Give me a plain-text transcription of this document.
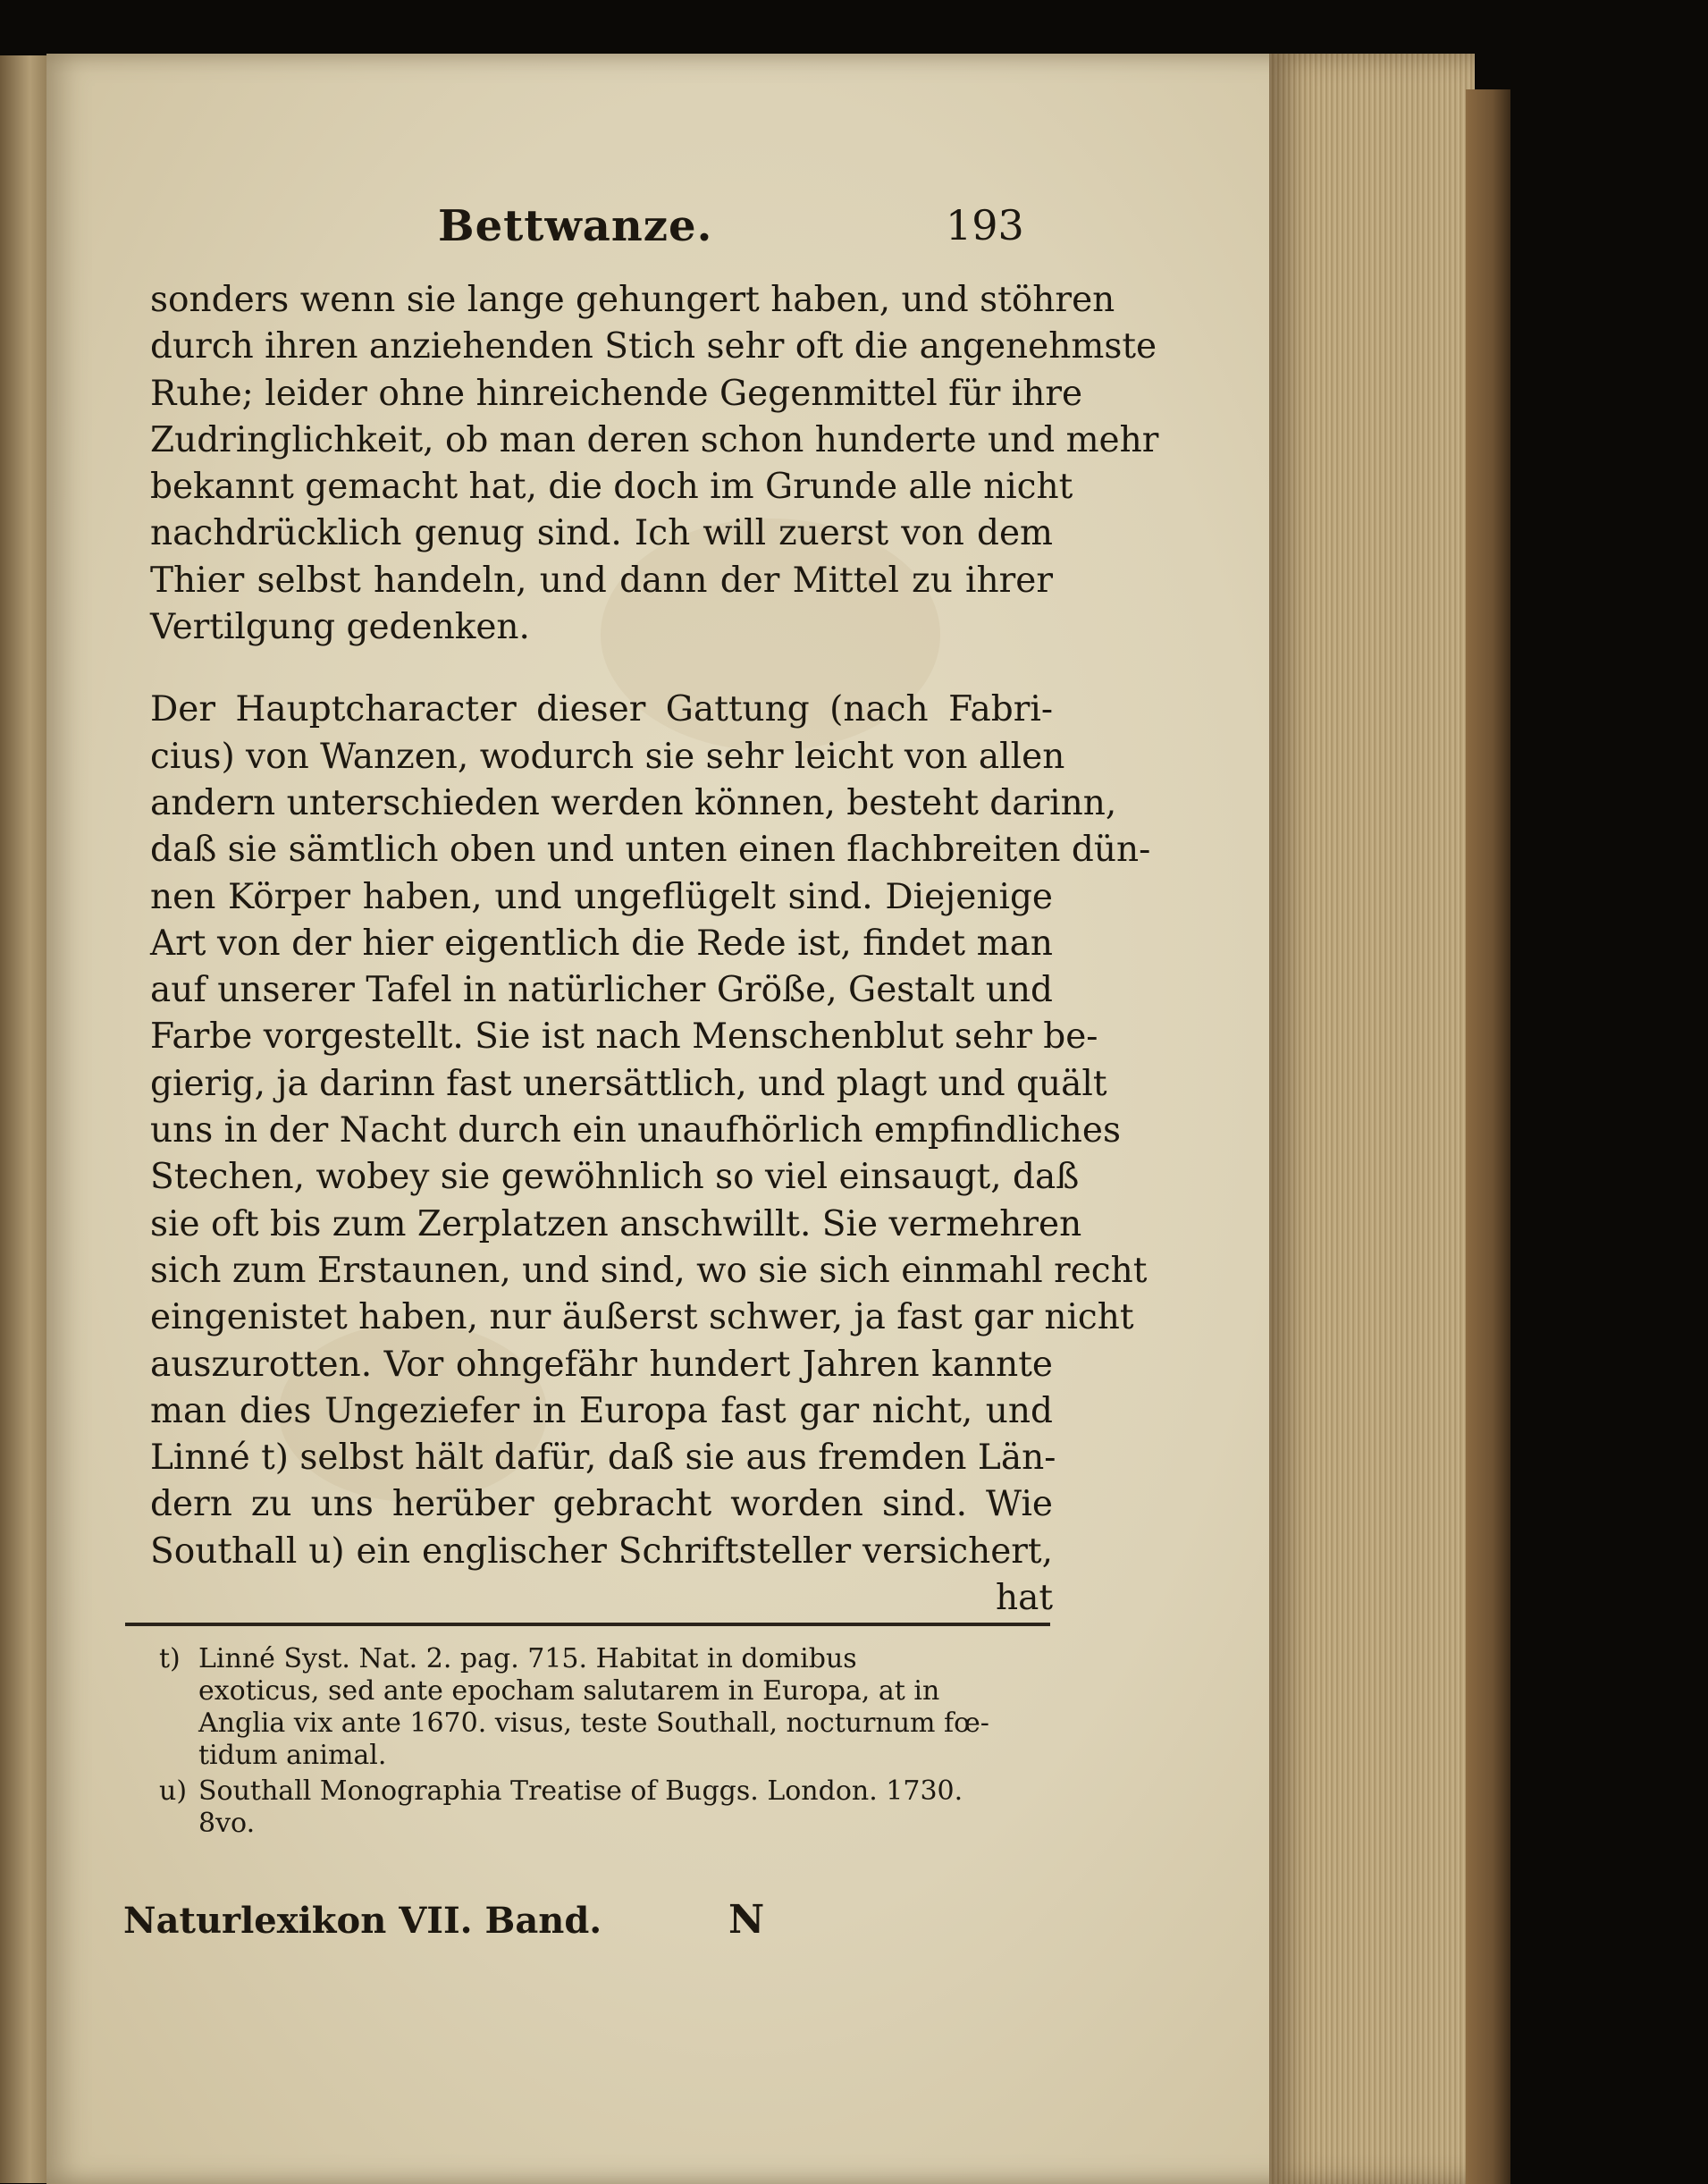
Bettwanze.	193
sonders wenn sie lange gehungert haben, und stöhren
durch ihren anziehenden Stich sehr oft die angenehmste
Ruhe; leider ohne hinreichende Gegenmittel für ihre
Zudringlichkeit, ob man deren schon hunderte und mehr
bekannt gemacht hat, die doch im Grunde alle nicht
nachdrücklich genug sind. Ich will zuerst von dem
Thier selbst handeln, und dann der Mittel zu ihrer
Vertilgung gedenken.
Der Hauptcharacter dieser Gattung (nach Fabri-
cius) von Wanzen, wodurch sie sehr leicht von allen
andern unterschieden werden können, besteht darinn,
daß sie sämtlich oben und unten einen flachbreiten dün-
nen Körper haben, und ungeflügelt sind. Diejenige
Art von der hier eigentlich die Rede ist, findet man
auf unserer Tafel in natürlicher Größe, Gestalt und
Farbe vorgestellt. Sie ist nach Menschenblut sehr be-
gierig, ja darinn fast unersättlich, und plagt und quält
uns in der Nacht durch ein unaufhörlich empfindliches
Stechen, wobey sie gewöhnlich so viel einsaugt, daß
sie oft bis zum Zerplatzen anschwillt. Sie vermehren
sich zum Erstaunen, und sind, wo sie sich einmahl recht
eingenistet haben, nur äußerst schwer, ja fast gar nicht
auszurotten. Vor ohngefähr hundert Jahren kannte
man dies Ungeziefer in Europa fast gar nicht, und
Linné t) selbst hält dafür, daß sie aus fremden Län-
dern zu uns herüber gebracht worden sind. Wie
Southall u) ein englischer Schriftsteller versichert,
hat
t) Linné Syst. Nat. 2. pag. 715. Habitat in domibus
exoticus, sed ante epocham salutarem in Europa, at in
Anglia vix ante 1670. visus, teste Southall, nocturnum fœ-
tidum animal.
u) Southall Monographia Treatise of Buggs. London. 1730.
8vo.
Naturlexikon VII. Band.	N
